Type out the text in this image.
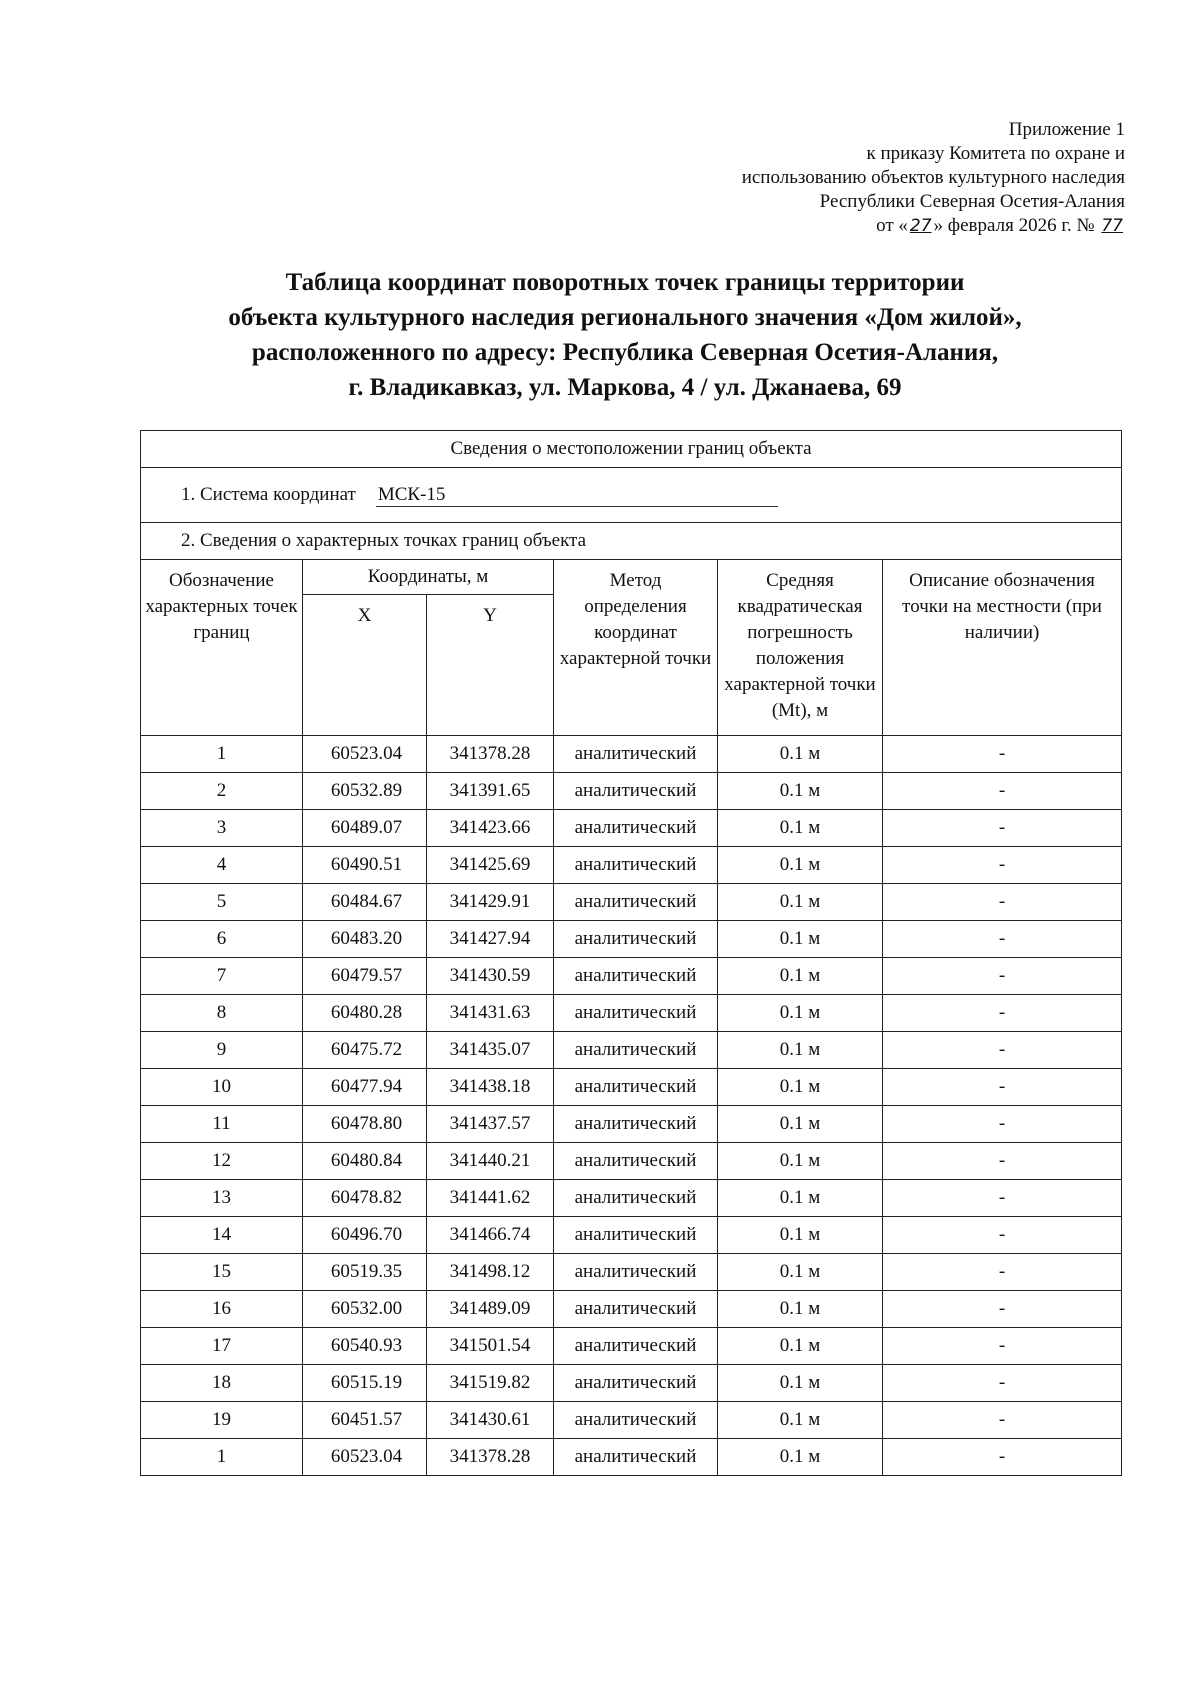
Приложение 1
к приказу Комитета по охране и
использованию объектов культурного наследия
Республики Северная Осетия-Алания
от « 27 » февраля 2026 г. № 77
Таблица координат поворотных точек границы территории
объекта культурного наследия регионального значения «Дом жилой»,
расположенного по адресу: Республика Северная Осетия-Алания,
г. Владикавказ, ул. Маркова, 4 / ул. Джанаева, 69
Сведения о местоположении границ объекта					
1. Система координат МСК-15					
2. Сведения о характерных точках границ объекта					
Обозначение характерных точек границ	Координаты, м		Метод определения координат характерной точки	Средняя квадратическая погрешность положения характерной точки (Mt), м	Описание обозначения точки на местности (при наличии)
	X	Y			
1	60523.04	341378.28	аналитический	0.1 м	-
2	60532.89	341391.65	аналитический	0.1 м	-
3	60489.07	341423.66	аналитический	0.1 м	-
4	60490.51	341425.69	аналитический	0.1 м	-
5	60484.67	341429.91	аналитический	0.1 м	-
6	60483.20	341427.94	аналитический	0.1 м	-
7	60479.57	341430.59	аналитический	0.1 м	-
8	60480.28	341431.63	аналитический	0.1 м	-
9	60475.72	341435.07	аналитический	0.1 м	-
10	60477.94	341438.18	аналитический	0.1 м	-
11	60478.80	341437.57	аналитический	0.1 м	-
12	60480.84	341440.21	аналитический	0.1 м	-
13	60478.82	341441.62	аналитический	0.1 м	-
14	60496.70	341466.74	аналитический	0.1 м	-
15	60519.35	341498.12	аналитический	0.1 м	-
16	60532.00	341489.09	аналитический	0.1 м	-
17	60540.93	341501.54	аналитический	0.1 м	-
18	60515.19	341519.82	аналитический	0.1 м	-
19	60451.57	341430.61	аналитический	0.1 м	-
1	60523.04	341378.28	аналитический	0.1 м	-
